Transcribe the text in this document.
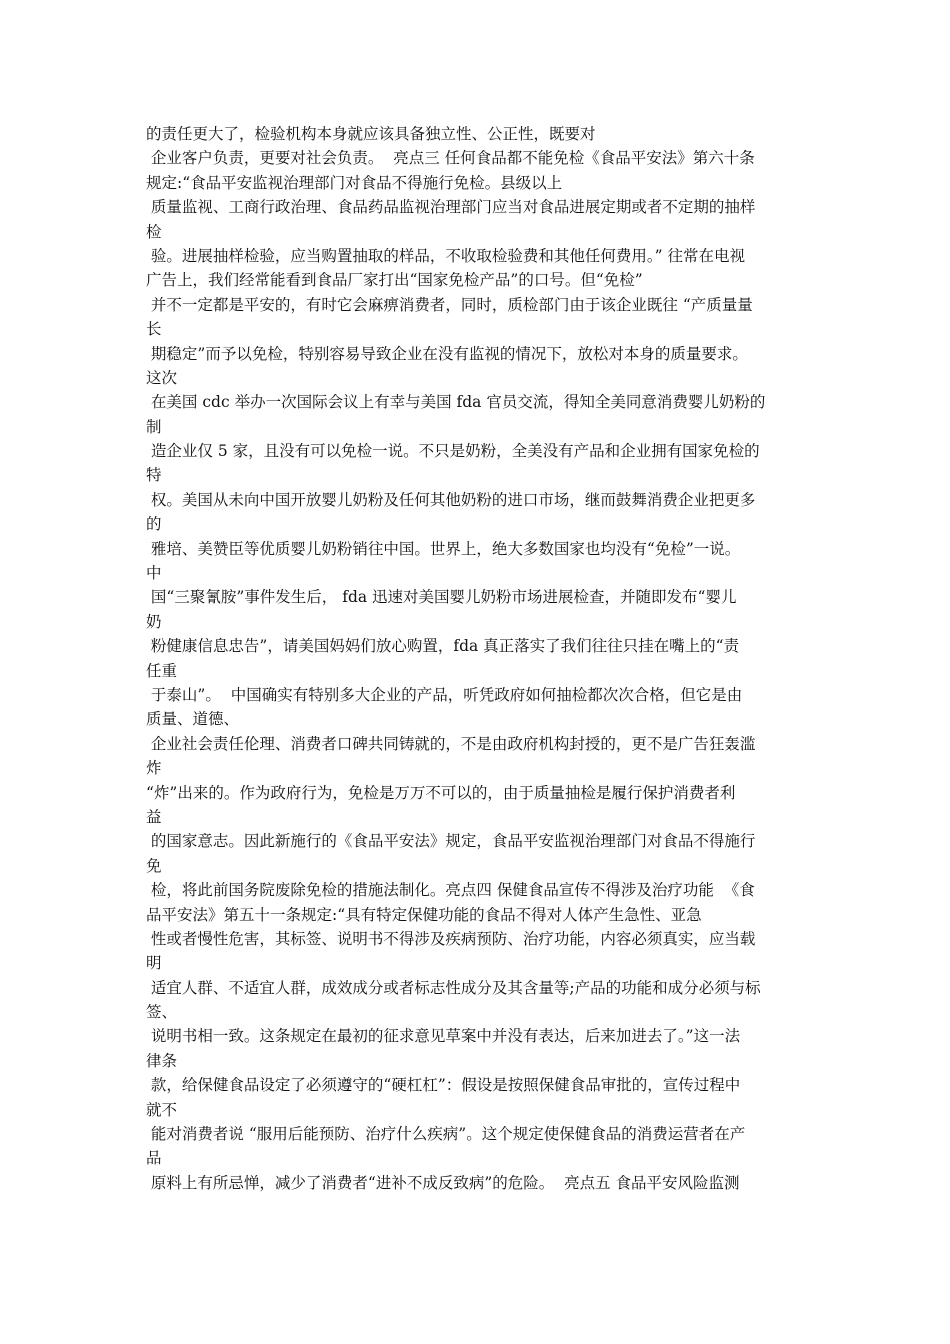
的责任更大了，检验机构本身就应该具备独立性、公正性，既要对
企业客户负责，更要对社会负责。  亮点三 任何食品都不能免检《食品平安法》第六十条
规定:“食品平安监视治理部门对食品不得施行免检。县级以上
质量监视、工商行政治理、食品药品监视治理部门应当对食品进展定期或者不定期的抽样
检
验。进展抽样检验，应当购置抽取的样品，不收取检验费和其他任何费用。” 往常在电视
广告上，我们经常能看到食品厂家打出“国家免检产品”的口号。但“免检”
并不一定都是平安的，有时它会麻痹消费者，同时，质检部门由于该企业既往 “产质量量
长
期稳定”而予以免检，特别容易导致企业在没有监视的情况下，放松对本身的质量要求。
这次
在美国 cdc 举办一次国际会议上有幸与美国 fda 官员交流，得知全美同意消费婴儿奶粉的
制
造企业仅 5 家，且没有可以免检一说。不只是奶粉，全美没有产品和企业拥有国家免检的
特
权。美国从未向中国开放婴儿奶粉及任何其他奶粉的进口市场，继而鼓舞消费企业把更多
的
雅培、美赞臣等优质婴儿奶粉销往中国。世界上，绝大多数国家也均没有“免检”一说。
中
国“三聚氰胺”事件发生后， fda 迅速对美国婴儿奶粉市场进展检查，并随即发布“婴儿
奶
粉健康信息忠告”，请美国妈妈们放心购置，fda 真正落实了我们往往只挂在嘴上的“责
任重
于泰山”。  中国确实有特别多大企业的产品，听凭政府如何抽检都次次合格，但它是由
质量、道德、
企业社会责任伦理、消费者口碑共同铸就的，不是由政府机构封授的，更不是广告狂轰滥
炸
“炸”出来的。作为政府行为，免检是万万不可以的，由于质量抽检是履行保护消费者利
益
的国家意志。因此新施行的《食品平安法》规定，食品平安监视治理部门对食品不得施行
免
检，将此前国务院废除免检的措施法制化。亮点四 保健食品宣传不得涉及治疗功能  《食
品平安法》第五十一条规定:“具有特定保健功能的食品不得对人体产生急性、亚急
性或者慢性危害，其标签、说明书不得涉及疾病预防、治疗功能，内容必须真实，应当载
明
适宜人群、不适宜人群，成效成分或者标志性成分及其含量等;产品的功能和成分必须与标
签、
说明书相一致。这条规定在最初的征求意见草案中并没有表达，后来加进去了。”这一法
律条
款，给保健食品设定了必须遵守的“硬杠杠”：假设是按照保健食品审批的，宣传过程中
就不
能对消费者说 “服用后能预防、治疗什么疾病”。这个规定使保健食品的消费运营者在产
品
原料上有所忌惮，减少了消费者“进补不成反致病”的危险。  亮点五 食品平安风险监测
